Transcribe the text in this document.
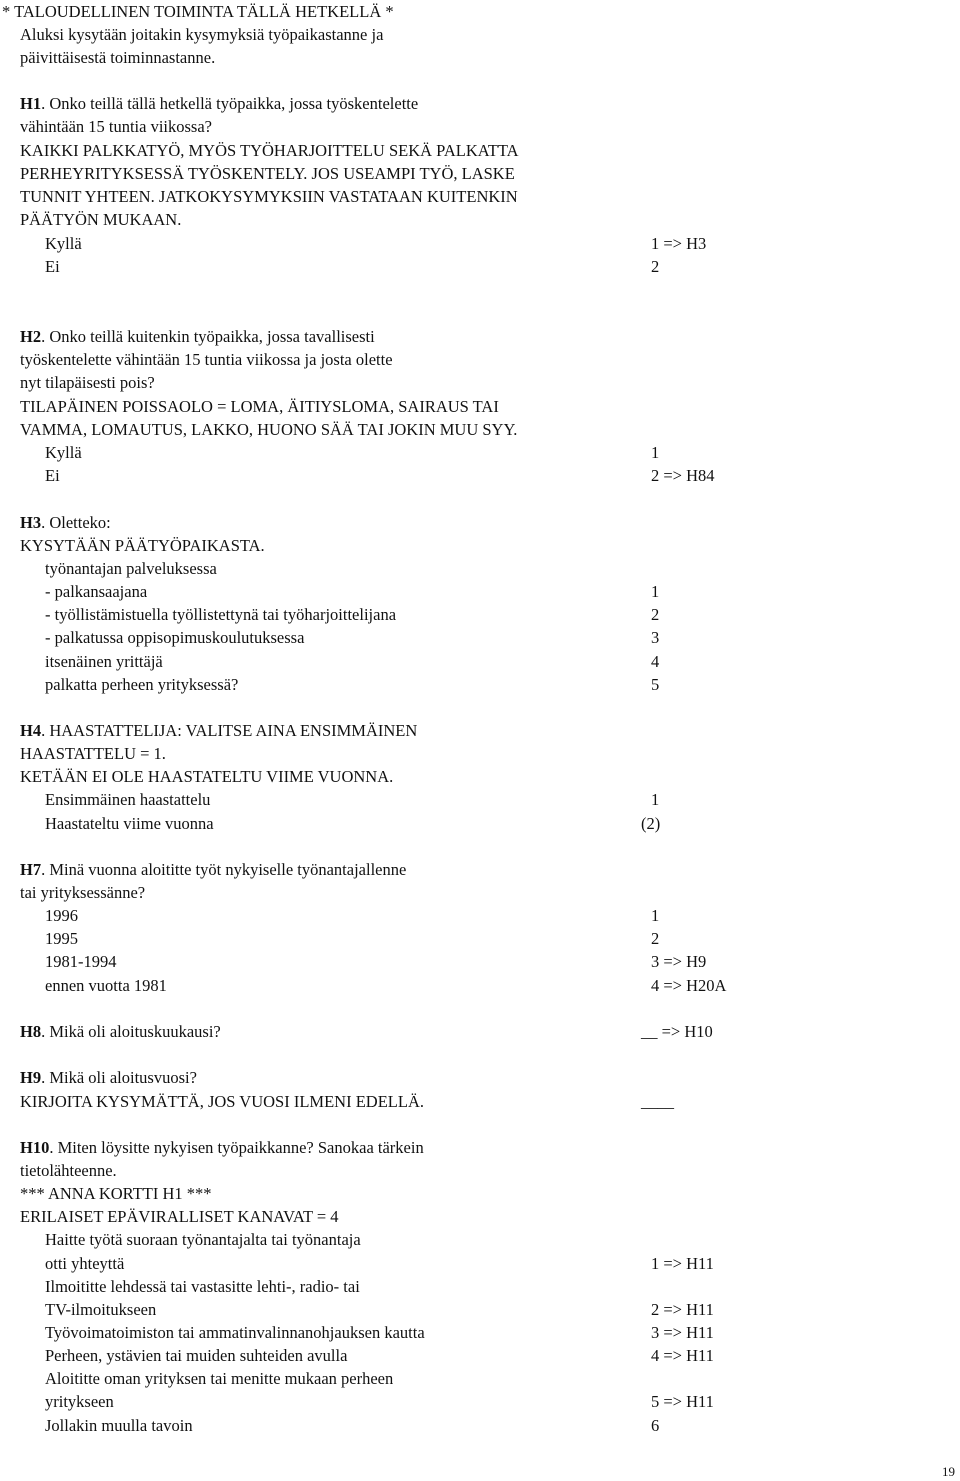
* TALOUDELLINEN TOIMINTA TÄLLÄ HETKELLÄ *
Aluksi kysytään joitakin kysymyksiä työpaikastanne ja
päivittäisestä toiminnastanne.
H1. Onko teillä tällä hetkellä työpaikka, jossa työskentelette
vähintään 15 tuntia viikossa?
KAIKKI PALKKATYÖ, MYÖS TYÖHARJOITTELU SEKÄ PALKATTA
PERHEYRITYKSESSÄ TYÖSKENTELY. JOS USEAMPI TYÖ, LASKE
TUNNIT YHTEEN. JATKOKYSYMYKSIIN VASTATAAN KUITENKIN
PÄÄTYÖN MUKAAN.
Kyllä	1 => H3
Ei	2
H2. Onko teillä kuitenkin työpaikka, jossa tavallisesti
työskentelette vähintään 15 tuntia viikossa ja josta olette
nyt tilapäisesti pois?
TILAPÄINEN POISSAOLO = LOMA, ÄITIYSLOMA, SAIRAUS TAI
VAMMA, LOMAUTUS, LAKKO, HUONO SÄÄ TAI JOKIN MUU SYY.
Kyllä	1
Ei	2 => H84
H3. Oletteko:
KYSYTÄÄN PÄÄTYÖPAIKASTA.
työnantajan palveluksessa
- palkansaajana	1
- työllistämistuella työllistettynä tai työharjoittelijana	2
- palkatussa oppisopimuskoulutuksessa	3
itsenäinen yrittäjä	4
palkatta perheen yrityksessä?	5
H4. HAASTATTELIJA: VALITSE AINA ENSIMMÄINEN
HAASTATTELU = 1.
KETÄÄN EI OLE HAASTATELTU VIIME VUONNA.
Ensimmäinen haastattelu	1
Haastateltu viime vuonna	(2)
H7. Minä vuonna aloititte työt nykyiselle työnantajallenne
tai yrityksessänne?
1996	1
1995	2
1981-1994	3 => H9
ennen vuotta 1981	4 => H20A
H8. Mikä oli aloituskuukausi?	__ => H10
H9. Mikä oli aloitusvuosi?
KIRJOITA KYSYMÄTTÄ, JOS VUOSI ILMENI EDELLÄ.	____
H10. Miten löysitte nykyisen työpaikkanne? Sanokaa tärkein
tietolähteenne.
*** ANNA KORTTI H1 ***
ERILAISET EPÄVIRALLISET KANAVAT = 4
Haitte työtä suoraan työnantajalta tai työnantaja
otti yhteyttä	1 => H11
Ilmoititte lehdessä tai vastasitte lehti-, radio- tai
TV-ilmoitukseen	2 => H11
Työvoimatoimiston tai ammatinvalinnanohjauksen kautta	3 => H11
Perheen, ystävien tai muiden suhteiden avulla	4 => H11
Aloititte oman yrityksen tai menitte mukaan perheen
yritykseen	5 => H11
Jollakin muulla tavoin	6
19
